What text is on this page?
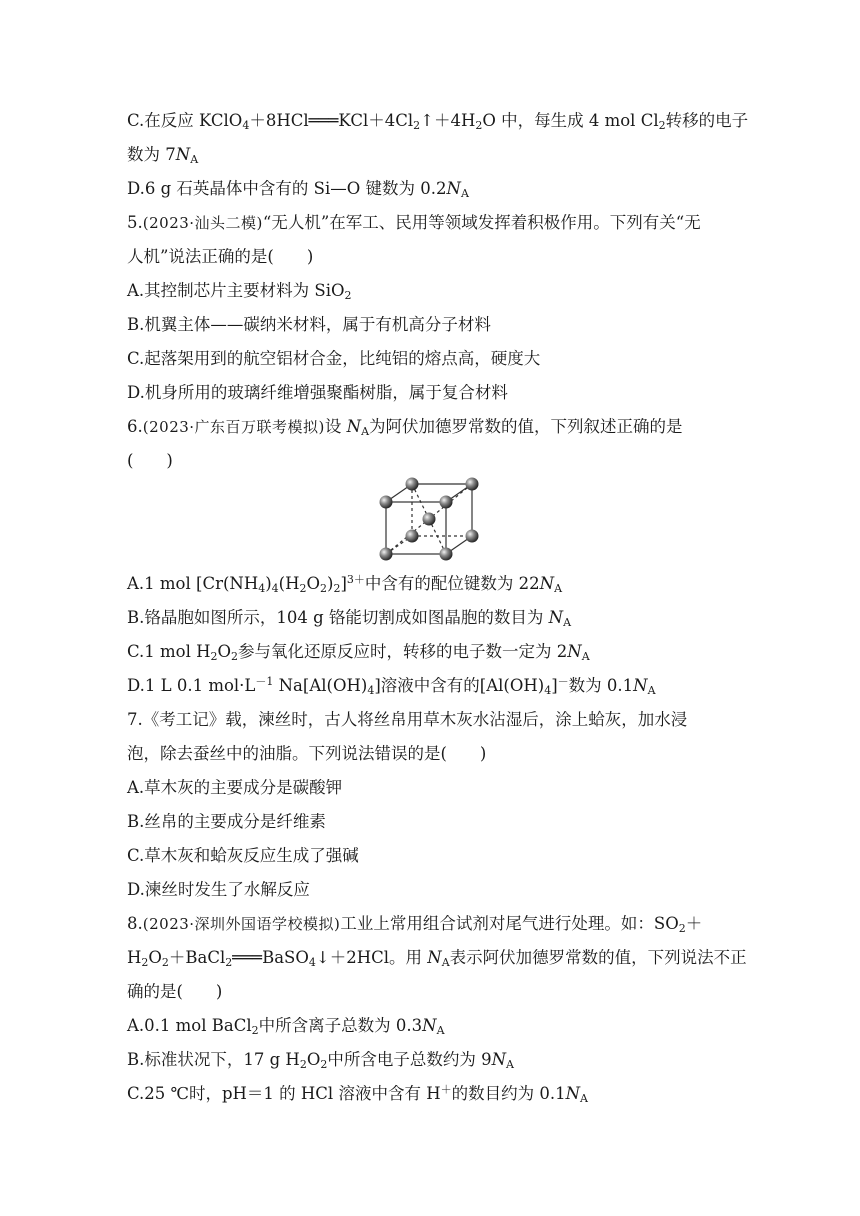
C.在反应 $KClO_4+8HCl═══KCl+4Cl_2↑+4H_2O$ 中，每生成 4 mol $Cl_2$转移的电子
数为 $7N_A$
D.6 g 石英晶体中含有的 Si—O 键数为 $0.2N_A$
5.(2023·汕头二模)“无人机”在军工、民用等领域发挥着积极作用。下列有关“无
人机”说法正确的是(　　)
A.其控制芯片主要材料为 SiO$_2$
B.机翼主体——碳纳米材料，属于有机高分子材料
C.起落架用到的航空铝材合金，比纯铝的熔点高，硬度大
D.机身所用的玻璃纤维增强聚酯树脂，属于复合材料
6.(2023·广东百万联考模拟)设 $N_A$为阿伏加德罗常数的值，下列叙述正确的是
(　　)
A.1 mol $[Cr(NH_4)_4(H_2O_2)_2]^{3+}$中含有的配位键数为 $22N_A$
B.铬晶胞如图所示，104 g 铬能切割成如图晶胞的数目为 $N_A$
C.1 mol $H_2O_2$参与氧化还原反应时，转移的电子数一定为 $2N_A$
D.1 L 0.1 $mol\cdot L^{-1}$ $Na[Al(OH)_4]$溶液中含有的$[Al(OH)_4]^-$数为 $0.1N_A$
7.《考工记》载，湅丝时，古人将丝帛用草木灰水沾湿后，涂上蛤灰，加水浸
泡，除去蚕丝中的油脂。下列说法错误的是(　　)
A.草木灰的主要成分是碳酸钾
B.丝帛的主要成分是纤维素
C.草木灰和蛤灰反应生成了强碱
D.湅丝时发生了水解反应
8.(2023·深圳外国语学校模拟)工业上常用组合试剂对尾气进行处理。如：$SO_2+$
$H_2O_2+BaCl_2═══BaSO_4↓+2HCl$。用 $N_A$表示阿伏加德罗常数的值，下列说法不正
确的是(　　)
A.0.1 mol BaCl$_2$中所含离子总数为 $0.3N_A$
B.标准状况下，17 g $H_2O_2$中所含电子总数约为 $9N_A$
C.25 ℃时，pH＝1 的 HCl 溶液中含有 H＋的数目约为 $0.1N_A$
